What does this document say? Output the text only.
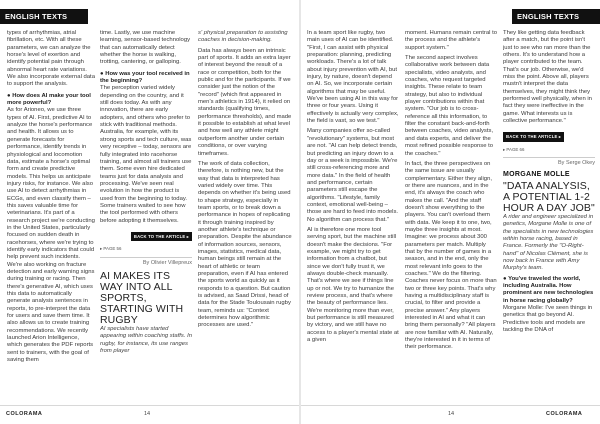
ENGLISH TEXTS

types of arrhythmias, atrial fibrillation, etc. With all these parameters, we can analyze the horse's level of exertion and identify potential pain through abnormal heart rate variations. We also incorporate external data to support the analysis.

● How does AI make your tool more powerful?

As for Arioneo, we use three types of AI. First, predictive AI to analyze the horse's performance and health. It allows us to generate forecasts for performance, identify trends in physiological and locomotion data, estimate a horse's optimal form and create predictive models. This helps us anticipate injury risks, for instance. We also use AI to detect arrhythmias in ECGs, and even classify them – this saves valuable time for veterinarians. It's part of a research project we're conducting in the United States, particularly focused on sudden death in racehorses, where we're trying to identify early indicators that could help prevent such incidents. We're also working on fracture detection and early warning signs during training or racing. Then there's generative AI, which uses this data to automatically generate analysis sentences in reports, to pre-interpret the data for users and save them time. It also allows us to create training recommendations. We recently launched Arion Intelligence, which generates the PDF reports sent to trainers, with the goal of saving them

time. Lastly, we use machine learning, sensor-based technology that can automatically detect whether the horse is walking, trotting, cantering, or galloping.

● How was your tool received in the beginning?

The perception varied widely depending on the country, and it still does today. As with any innovation, there are early adopters, and others who prefer to stick with traditional methods. Australia, for example, with its strong sports and tech culture, was very receptive – today, sensors are fully integrated into racehorse training, and almost all trainers use them. Some even hire dedicated teams just for data analysis and processing. We've seen real evolution in how the product is used from the beginning to today. Some trainers waited to see how the tool performed with others before adopting it themselves.

BACK TO THE ARTICLE ▸
▸ PAGE 56
By Olivier Villepreux
AI MAKES ITS WAY INTO ALL SPORTS, STARTING WITH RUGBY

AI specialists have started appearing within coaching staffs. In rugby, for instance, its use ranges from player

s' physical preparation to assisting coaches in decision-making.

Data has always been an intrinsic part of sports. It adds an extra layer of interest beyond the result of a race or competition, both for the public and for the participants. If we consider just the notion of the "record" (which first appeared in men's athletics in 1914), it relied on standards (qualifying times, performance thresholds), and made it possible to establish at what level and how well any athlete might outperform another under certain conditions, or over varying timeframes.

The work of data collection, therefore, is nothing new, but the way that data is interpreted has varied widely over time. This depends on whether it's being used to shape strategy, especially in team sports, or to break down a performance in hopes of replicating it through training inspired by another athlete's technique or preparation. Despite the abundance of information sources, sensors, images, statistics, medical data, human beings still remain at the heart of athletic or team preparation, even if AI has entered the sports world as quickly as it responds to a question. But caution is advised, as Saad Drissi, head of data for the Stade Toulousain rugby team, reminds us: "Context determines how algorithmic processes are used."

COLORAMA	14
ENGLISH TEXTS

In a team sport like rugby, two main uses of AI can be identified. "First, I can assist with physical preparation: planning, predicting workloads. There's a lot of talk about injury prevention with AI, but injury, by nature, doesn't depend on AI. So, we incorporate certain algorithms that may be useful. We've been using AI in this way for three or four years. Using it effectively is actually very complex, the field is vast, so we test."

Many companies offer so-called "revolutionary" systems, but most are not. "AI can help detect trends, but predicting an injury down to a day or a week is impossible. We're still cross-referencing more and more data." In the field of health and performance, certain parameters still escape the algorithms. "Lifestyle, family context, emotional well-being – those are hard to feed into models. No algorithm can process that."

AI is therefore one more tool serving sport, but the machine still doesn't make the decisions. "For example, we might try to get information from a chatbot, but since we don't fully trust it, we always double-check manually. That's where we see if things line up or not. We try to humanize the review process, and that's where the beauty of performance lies. We're monitoring more than ever, but performance is still measured by victory, and we still have no access to a player's mental state at a given

moment. Humans remain central to the process and the athlete's support system."

The second aspect involves collaborative work between data specialists, video analysts, and coaches, who request targeted insights. These relate to team strategy, but also to individual player contributions within that system. "Our job is to cross-reference all this information, to filter the constant back-and-forth between coaches, video analysts, and data experts, and deliver the most refined possible response to the coaches."

In fact, the three perspectives on the same issue are usually complementary. Either they align, or there are nuances, and in the end, it's always the coach who makes the call. "And the staff doesn't show everything to the players. You can't overload them with data. We keep it to one, two, maybe three insights at most. Imagine: we process about 300 parameters per match. Multiply that by the number of games in a season, and in the end, only the most relevant info goes to the coaches." We do the filtering. Coaches never focus on more than two or three key points. That's why having a multidisciplinary staff is crucial, to filter and provide a precise answer." Any players interested in AI and what it can bring them personally? "All players are now familiar with AI. Naturally, they're interested in it in terms of their performance.

They like getting data feedback after a match, but the point isn't just to see who ran more than the others. It's to understand how a player contributed to the team. That's our job. Otherwise, we'd miss the point. Above all, players mustn't interpret the data themselves, they might think they performed well physically, when in fact they were ineffective in the game. What interests us is collective performance."

BACK TO THE ARTICLE ▸
▸ PAGE 66
By Serge Okey
MORGANE MOLLE
"DATA ANALYSIS, A POTENTIAL 1-2 HOUR A DAY JOB"

A rider and engineer specialized in genetics, Morgane Molle is one of the specialists in new technologies within horse racing, based in France. Formerly the "O-Right-hand" of Nicolas Clément, she is now back in France with Amy Murphy's team.

● You've traveled the world, including Australia. How prominent are new technologies in horse racing globally?

Morgane Molle: I've seen things in genetics that go beyond AI. Predictive tools and models are tackling the DNA of

14	COLORAMA
